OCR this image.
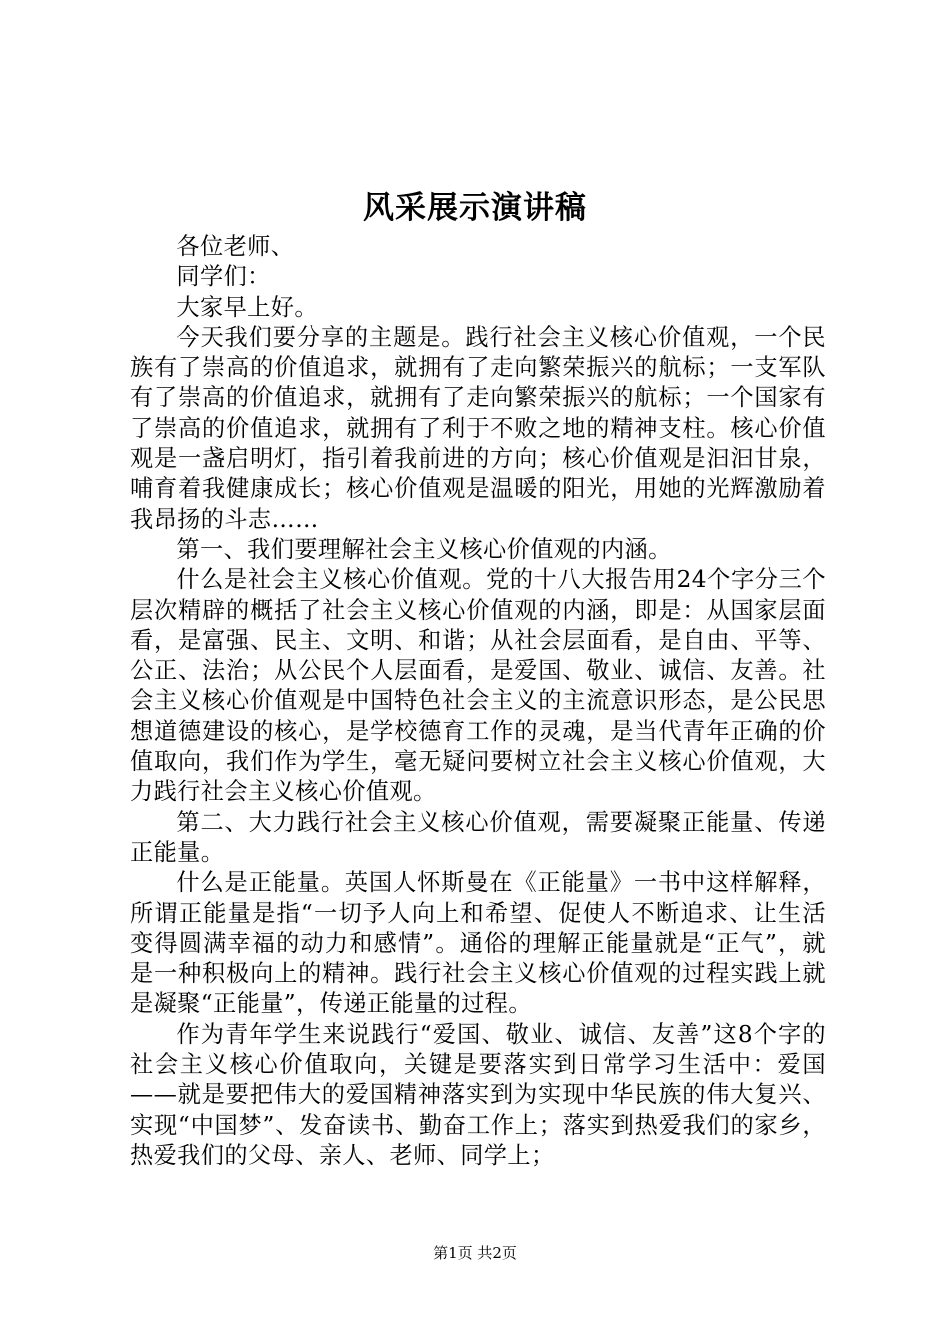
风采展示演讲稿

各位老师、

同学们：

大家早上好。

今天我们要分享的主题是。践行社会主义核心价值观，一个民族有了崇高的价值追求，就拥有了走向繁荣振兴的航标；一支军队有了崇高的价值追求，就拥有了走向繁荣振兴的航标；一个国家有了崇高的价值追求，就拥有了利于不败之地的精神支柱。核心价值观是一盏启明灯，指引着我前进的方向；核心价值观是汩汩甘泉，哺育着我健康成长；核心价值观是温暖的阳光，用她的光辉激励着我昂扬的斗志……

第一、我们要理解社会主义核心价值观的内涵。

什么是社会主义核心价值观。党的十八大报告用24个字分三个层次精辟的概括了社会主义核心价值观的内涵，即是：从国家层面看，是富强、民主、文明、和谐；从社会层面看，是自由、平等、公正、法治；从公民个人层面看，是爱国、敬业、诚信、友善。社会主义核心价值观是中国特色社会主义的主流意识形态，是公民思想道德建设的核心，是学校德育工作的灵魂，是当代青年正确的价值取向，我们作为学生，毫无疑问要树立社会主义核心价值观，大力践行社会主义核心价值观。

第二、大力践行社会主义核心价值观，需要凝聚正能量、传递正能量。

什么是正能量。英国人怀斯曼在《正能量》一书中这样解释，所谓正能量是指“一切予人向上和希望、促使人不断追求、让生活变得圆满幸福的动力和感情”。通俗的理解正能量就是“正气”，就是一种积极向上的精神。践行社会主义核心价值观的过程实践上就是凝聚“正能量”，传递正能量的过程。

作为青年学生来说践行“爱国、敬业、诚信、友善”这8个字的社会主义核心价值取向，关键是要落实到日常学习生活中：爱国——就是要把伟大的爱国精神落实到为实现中华民族的伟大复兴、实现“中国梦”、发奋读书、勤奋工作上；落实到热爱我们的家乡，热爱我们的父母、亲人、老师、同学上；

第1页 共2页
